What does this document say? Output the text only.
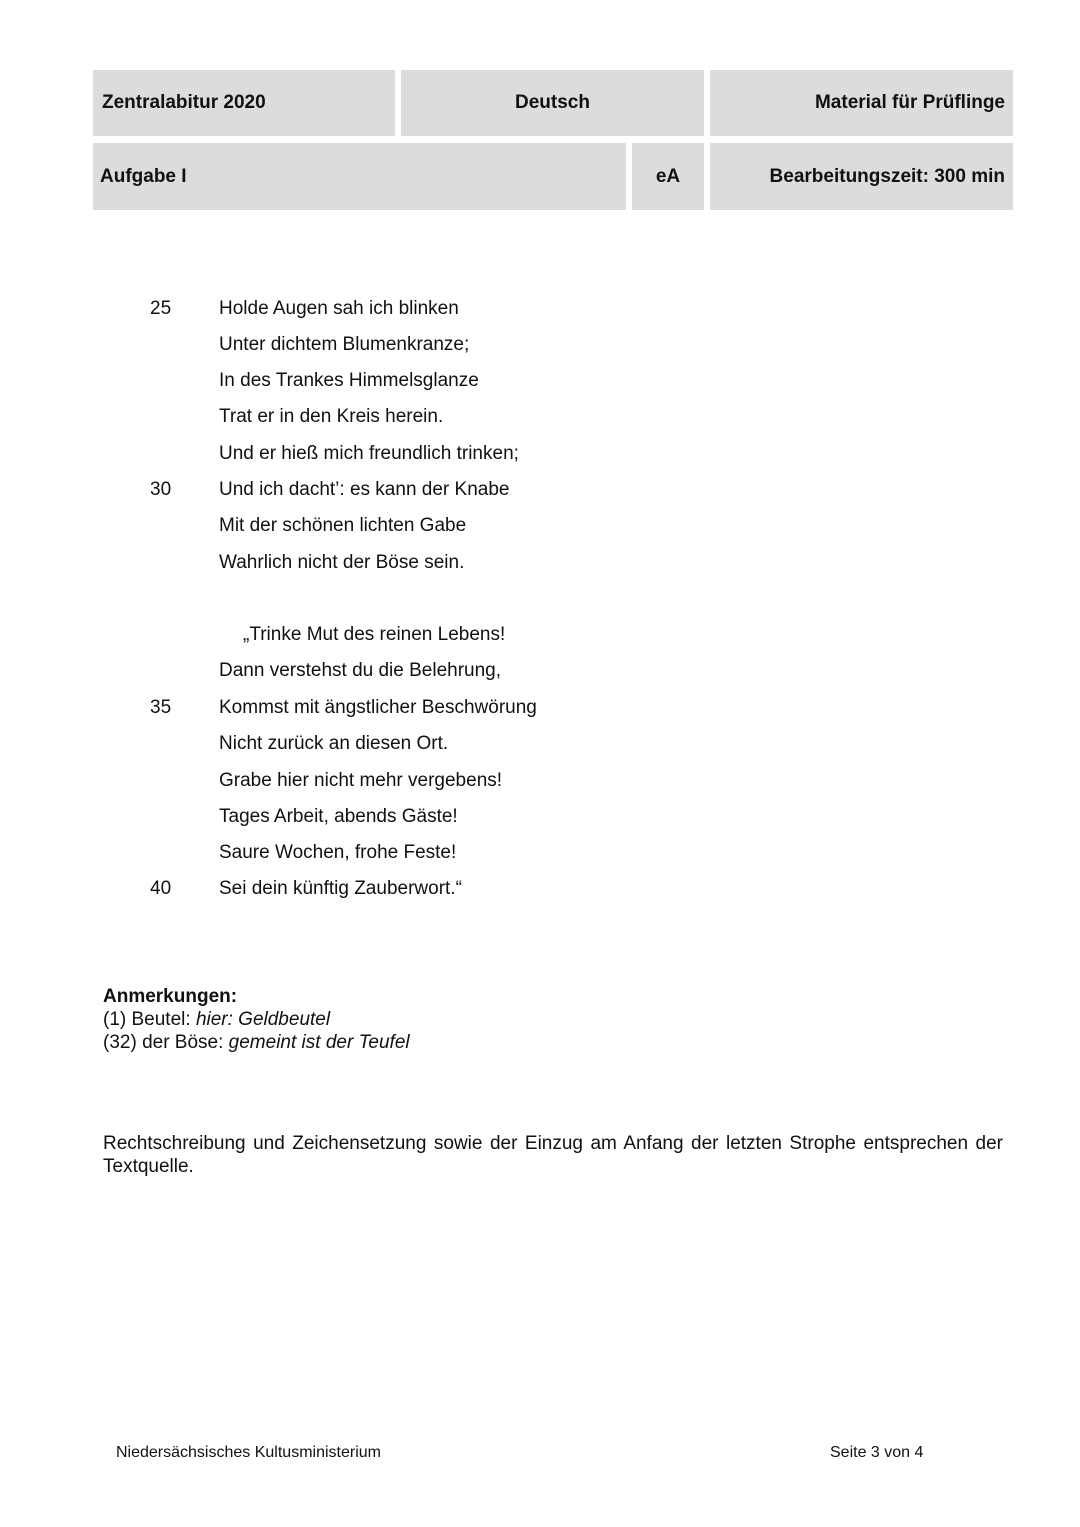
Zentralabitur 2020	Deutsch	Material für Prüflinge
Aufgabe I	eA	Bearbeitungszeit: 300 min
25	Holde Augen sah ich blinken
Unter dichtem Blumenkranze;
In des Trankes Himmelsglanze
Trat er in den Kreis herein.
Und er hieß mich freundlich trinken;
30	Und ich dacht’: es kann der Knabe
Mit der schönen lichten Gabe
Wahrlich nicht der Böse sein.
„Trinke Mut des reinen Lebens!
Dann verstehst du die Belehrung,
35	Kommst mit ängstlicher Beschwörung
Nicht zurück an diesen Ort.
Grabe hier nicht mehr vergebens!
Tages Arbeit, abends Gäste!
Saure Wochen, frohe Feste!
40	Sei dein künftig Zauberwort.“
Anmerkungen:
(1) Beutel: hier: Geldbeutel
(32) der Böse: gemeint ist der Teufel
Rechtschreibung und Zeichensetzung sowie der Einzug am Anfang der letzten Strophe entsprechen der Textquelle.
Niedersächsisches Kultusministerium	Seite 3 von 4
